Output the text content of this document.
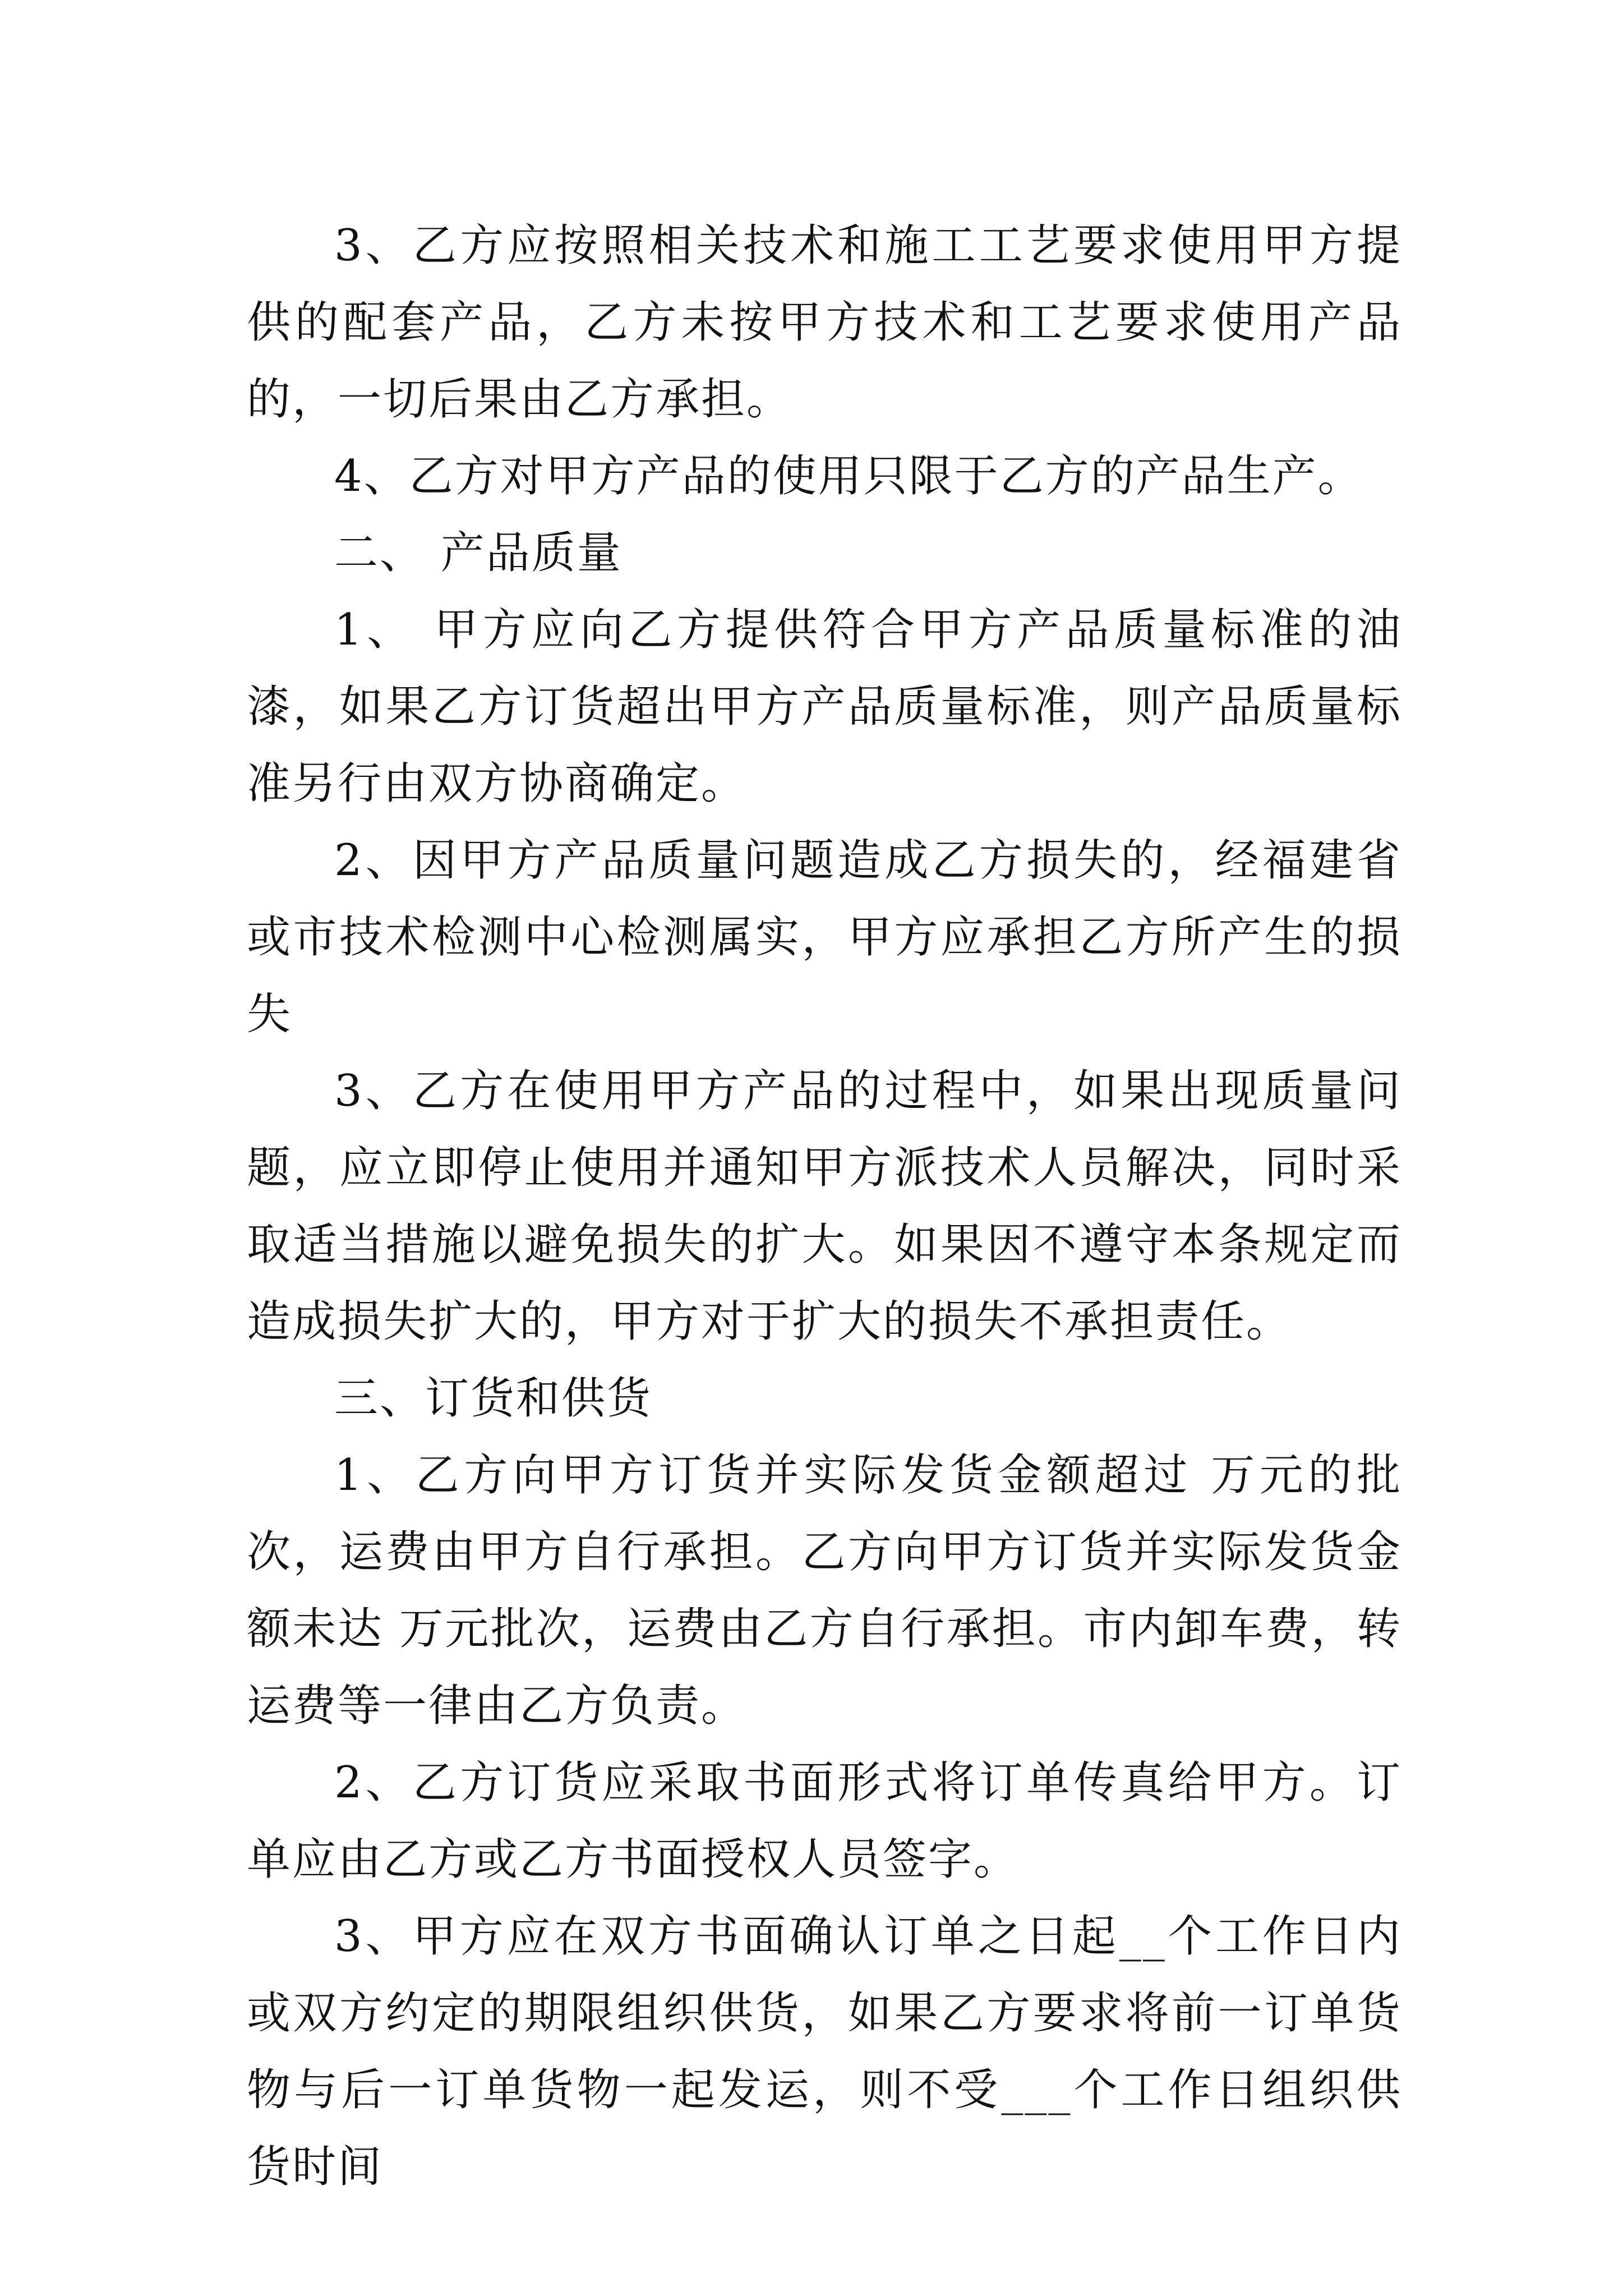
3、乙方应按照相关技术和施工工艺要求使用甲方提供的配套产品，乙方未按甲方技术和工艺要求使用产品的，一切后果由乙方承担。

4、乙方对甲方产品的使用只限于乙方的产品生产。

二、 产品质量

1、 甲方应向乙方提供符合甲方产品质量标准的油漆，如果乙方订货超出甲方产品质量标准，则产品质量标准另行由双方协商确定。

2、因甲方产品质量问题造成乙方损失的，经福建省或市技术检测中心检测属实，甲方应承担乙方所产生的损失

3、乙方在使用甲方产品的过程中，如果出现质量问题，应立即停止使用并通知甲方派技术人员解决，同时采取适当措施以避免损失的扩大。如果因不遵守本条规定而造成损失扩大的，甲方对于扩大的损失不承担责任。

三、订货和供货

1、乙方向甲方订货并实际发货金额超过 万元的批次，运费由甲方自行承担。乙方向甲方订货并实际发货金额未达 万元批次，运费由乙方自行承担。市内卸车费，转运费等一律由乙方负责。

2、乙方订货应采取书面形式将订单传真给甲方。订单应由乙方或乙方书面授权人员签字。

3、甲方应在双方书面确认订单之日起__个工作日内或双方约定的期限组织供货，如果乙方要求将前一订单货物与后一订单货物一起发运，则不受___个工作日组织供货时间
